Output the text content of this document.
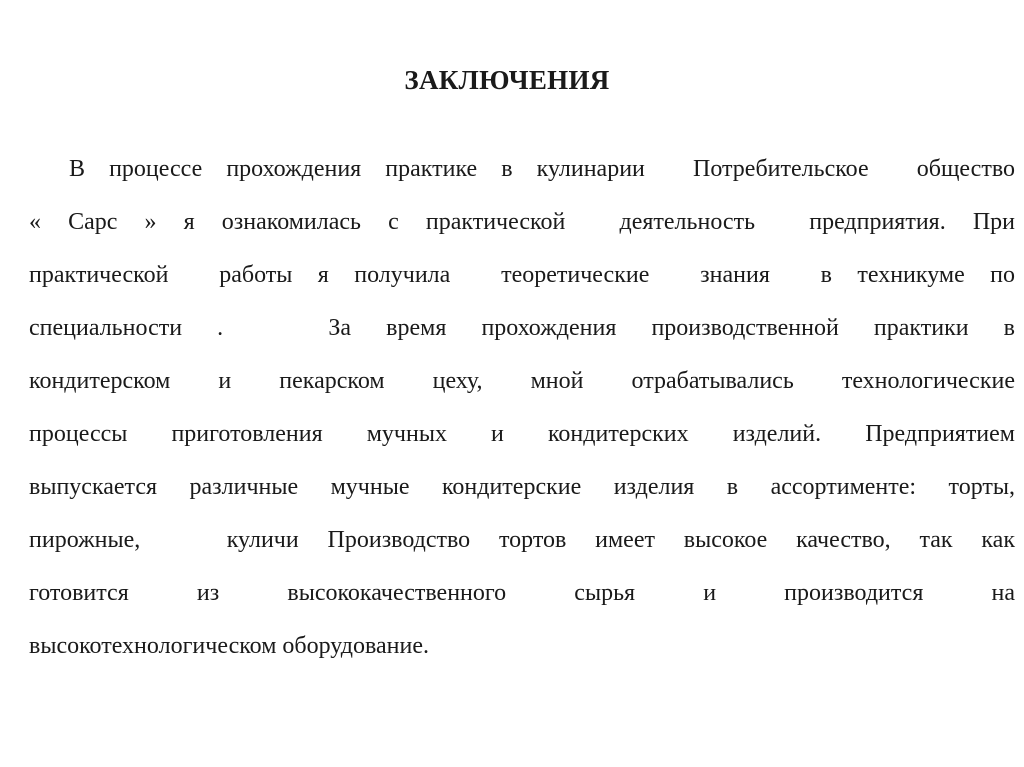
ЗАКЛЮЧЕНИЯ
В процессе прохождения практике в кулинарии  Потребительское  общество
« Сарс » я ознакомилась с практической  деятельность  предприятия. При
практической  работы я получила  теоретические  знания  в техникуме по
специальности  .      За  время  прохождения  производственной  практики  в
кондитерском  и  пекарском  цеху,  мной  отрабатывались  технологические
процессы  приготовления  мучных  и  кондитерских  изделий.  Предприятием
выпускается различные мучные кондитерские изделия в ассортименте: торты,
пирожные,   куличи Производство тортов имеет высокое качество, так как
готовится  из  высококачественного  сырья  и  производится  на
высокотехнологическом оборудование.
